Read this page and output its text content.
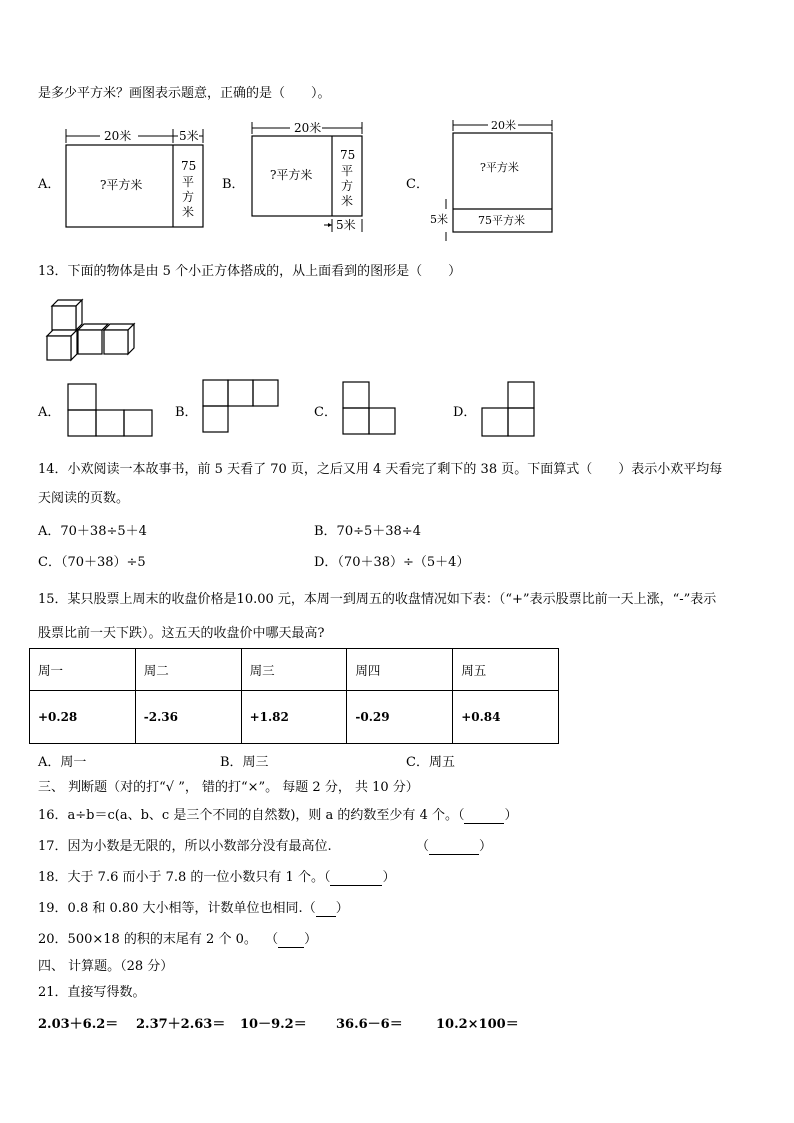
是多少平方米？画图表示题意，正确的是（　　）。
A．
20米	5米
?平方米
75
平
方
米
B．
20米
?平方米
75
平
方
米
5米
C．
20米
?平方米
75平方米
5米
13．下面的物体是由 5 个小正方体搭成的，从上面看到的图形是（　　）
A．	B．	C．	D．
14．小欢阅读一本故事书，前 5 天看了 70 页，之后又用 4 天看完了剩下的 38 页。下面算式（　　）表示小欢平均每
天阅读的页数。
A．70＋38÷5＋4	B．70÷5＋38÷4
C．（70＋38）÷5	D．（70＋38）÷（5＋4）
15．某只股票上周末的收盘价格是10.00 元，本周一到周五的收盘情况如下表：（“+”表示股票比前一天上涨，“-”表示
股票比前一天下跌）。这五天的收盘价中哪天最高?
周一	周二	周三	周四	周五
+0.28	-2.36	+1.82	-0.29	+0.84
A．周一	B．周三	C．周五
三、 判断题（对的打“√ ”， 错的打“×”。 每题 2 分， 共 10 分）
16．a÷b＝c(a、b、c 是三个不同的自然数)，则 a 的约数至少有 4 个。（	）
17．因为小数是无限的，所以小数部分没有最高位.	（	）
18．大于 7.6 而小于 7.8 的一位小数只有 1 个。（	）
19．0.8 和 0.80 大小相等，计数单位也相同.（ ）
20．500×18 的积的末尾有 2 个 0。 （ ）
四、 计算题。（28 分）
21．直接写得数。
2.03＋6.2＝ 2.37＋2.63＝ 10－9.2＝ 36.6－6＝	10.2×100＝
